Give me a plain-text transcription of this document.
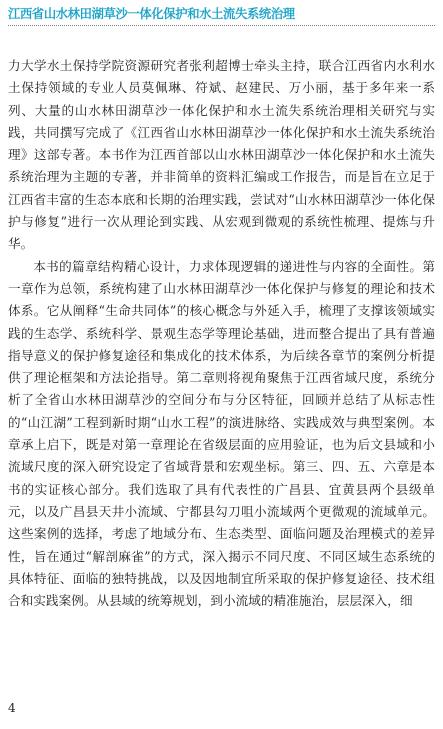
江西省山水林田湖草沙一体化保护和水土流失系统治理

力大学水土保持学院资源研究者张利超博士牵头主持，联合江西省内水利水土保持领域的专业人员莫佩琳、符斌、赵建民、万小丽，基于多年来一系列、大量的山水林田湖草沙一体化保护和水土流失系统治理相关研究与实践，共同撰写完成了《江西省山水林田湖草沙一体化保护和水土流失系统治理》这部专著。本书作为江西首部以山水林田湖草沙一体化保护和水土流失系统治理为主题的专著，并非简单的资料汇编或工作报告，而是旨在立足于江西省丰富的生态本底和长期的治理实践，尝试对“山水林田湖草沙一体化保护与修复”进行一次从理论到实践、从宏观到微观的系统性梳理、提炼与升华。

本书的篇章结构精心设计，力求体现逻辑的递进性与内容的全面性。第一章作为总领，系统构建了山水林田湖草沙一体化保护与修复的理论和技术体系。它从阐释“生命共同体”的核心概念与外延入手，梳理了支撑该领域实践的生态学、系统科学、景观生态学等理论基础，进而整合提出了具有普遍指导意义的保护修复途径和集成化的技术体系，为后续各章节的案例分析提供了理论框架和方法论指导。第二章则将视角聚焦于江西省域尺度，系统分析了全省山水林田湖草沙的空间分布与分区特征，回顾并总结了从标志性的“山江湖”工程到新时期“山水工程”的演进脉络、实践成效与典型案例。本章承上启下，既是对第一章理论在省级层面的应用验证，也为后文县域和小流域尺度的深入研究设定了省域背景和宏观坐标。第三、四、五、六章是本书的实证核心部分。我们选取了具有代表性的广昌县、宜黄县两个县级单元，以及广昌县天井小流域、宁都县勾刀咀小流域两个更微观的流域单元。这些案例的选择，考虑了地域分布、生态类型、面临问题及治理模式的差异性，旨在通过“解剖麻雀”的方式，深入揭示不同尺度、不同区域生态系统的具体特征、面临的独特挑战，以及因地制宜所采取的保护修复途径、技术组合和实践案例。从县域的统筹规划，到小流域的精准施治，层层深入，细

4
